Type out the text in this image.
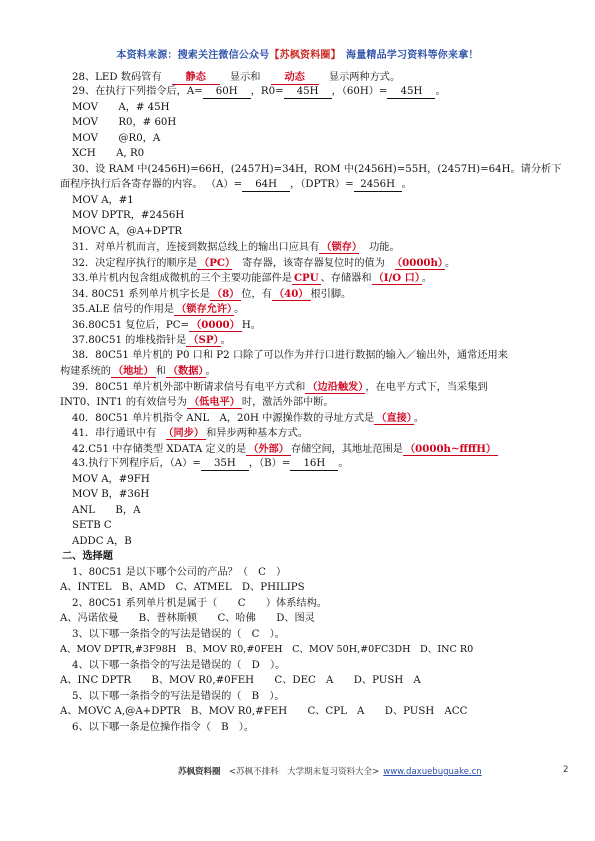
本资料来源：搜索关注微信公众号【苏枫资料圈】　 海量精品学习资料等你来拿！
28、LED 数码管有　 静态　 显示和　 动态　 显示两种方式。
29、在执行下列指令后，A= 60H ，R0= 45H ，（60H）= 45H 。
MOV　　A，# 45H
MOV　　R0，# 60H
MOV　　@R0，A
XCH　　A, R0
30、设 RAM 中(2456H)=66H，(2457H)=34H，ROM 中(2456H)=55H，(2457H)=64H。请分析下
面程序执行后各寄存器的内容。 （A）= 64H ，（DPTR）= 2456H 。
MOV A，#1
MOV DPTR，#2456H
MOVC A，@A+DPTR
31．对单片机而言，连接到数据总线上的输出口应具有 （锁存）　 功能。
32．决定程序执行的顺序是 （PC）　 寄存器，该寄存器复位时的值为　 （0000h） 。
33.单片机内包含组成微机的三个主要功能部件是 CPU 、存储器和 （I/O 口） 。
34. 80C51 系列单片机字长是 （8） 位，有 （40） 根引脚。
35.ALE 信号的作用是 （锁存允许） 。
36.80C51 复位后，PC= （0000） H。
37.80C51 的堆栈指针是 （SP） 。
38．80C51 单片机的 P0 口和 P2 口除了可以作为并行口进行数据的输入／输出外，通常还用来
构建系统的 （地址） 和 （数据） 。
39．80C51 单片机外部中断请求信号有电平方式和 （边沿触发） ，在电平方式下，当采集到
INT0、INT1 的有效信号为 （低电平） 时，激活外部中断。
40．80C51 单片机指令 ANL　A，20H 中源操作数的寻址方式是 （直接） 。
41．串行通讯中有　 （同步） 和异步两种基本方式。
42.C51 中存储类型 XDATA 定义的是 （外部） 存储空间，其地址范围是 （0000h~ffffH）
43.执行下列程序后，（A）= 35H ，（B）= 16H 。
MOV A，#9FH
MOV B，#36H
ANL　　B，A
SETB C
ADDC A，B
二、选择题
1、80C51 是以下哪个公司的产品？（　C　）
A、INTEL　B、AMD　C、ATMEL　D、PHILIPS
2、80C51 系列单片机是属于（　　C　　）体系结构。
A、冯诺依曼　　B、普林斯顿　　C、哈佛　　D、图灵
3、以下哪一条指令的写法是错误的（　C　）。
A、MOV DPTR,#3F98H　B、MOV R0,#0FEH　C、MOV 50H,#0FC3DH　D、INC R0
4、以下哪一条指令的写法是错误的（　D　）。
A、INC DPTR　　B、MOV R0,#0FEH　　C、DEC　A　　D、PUSH　A
5、以下哪一条指令的写法是错误的（　B　）。
A、MOVC A,@A+DPTR　B、MOV R0,#FEH　　C、CPL　A　　D、PUSH　ACC
6、以下哪一条是位操作指令（　B　）。
苏枫资料圈　 <苏枫不排科　大学期末复习资料大全> www.daxuebuguake.cn	2
